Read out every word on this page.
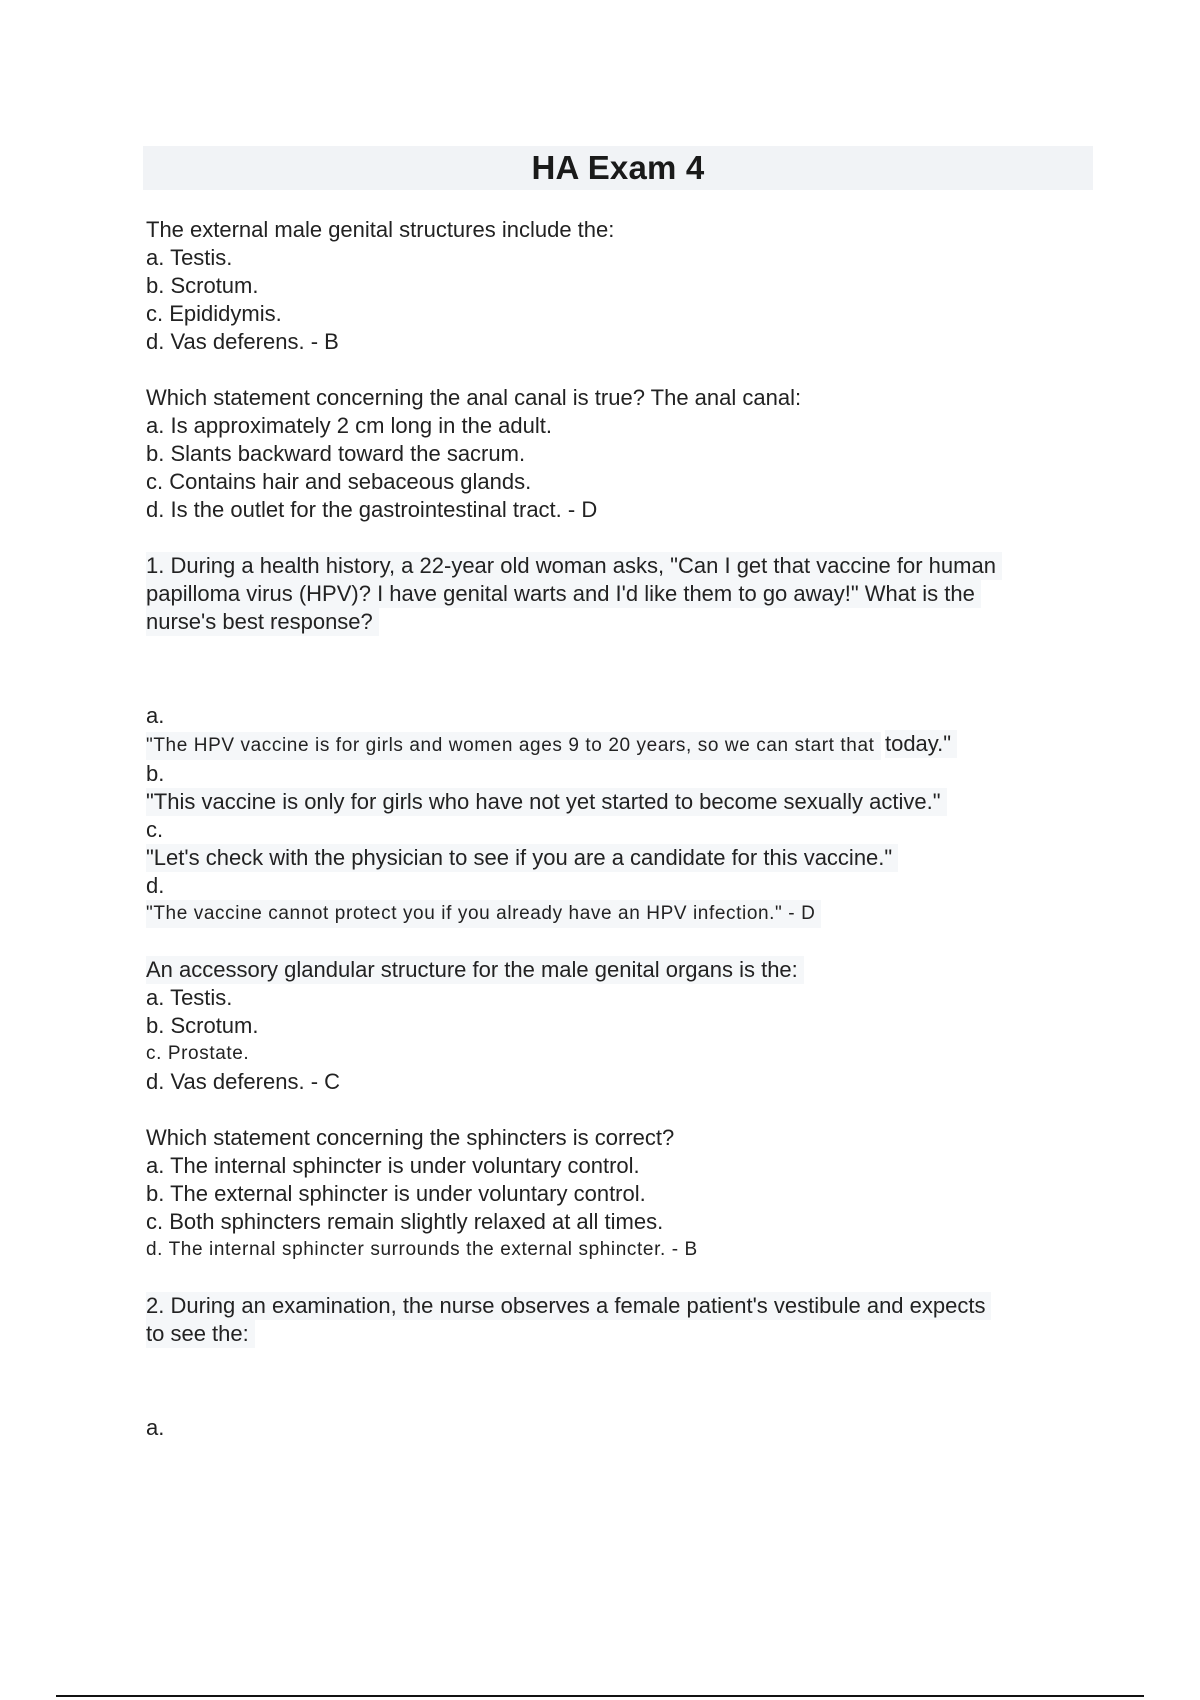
HA Exam 4
The external male genital structures include the:
a. Testis.
b. Scrotum.
c. Epididymis.
d. Vas deferens. - B
Which statement concerning the anal canal is true? The anal canal:
a. Is approximately 2 cm long in the adult.
b. Slants backward toward the sacrum.
c. Contains hair and sebaceous glands.
d. Is the outlet for the gastrointestinal tract. - D
1. During a health history, a 22-year old woman asks, "Can I get that vaccine for human papilloma virus (HPV)? I have genital warts and I'd like them to go away!" What is the nurse's best response?
a.
"The HPV vaccine is for girls and women ages 9 to 20 years, so we can start that today."
b.
"This vaccine is only for girls who have not yet started to become sexually active."
c.
"Let's check with the physician to see if you are a candidate for this vaccine."
d.
"The vaccine cannot protect you if you already have an HPV infection." - D
An accessory glandular structure for the male genital organs is the:
a. Testis.
b. Scrotum.
c. Prostate.
d. Vas deferens. - C
Which statement concerning the sphincters is correct?
a. The internal sphincter is under voluntary control.
b. The external sphincter is under voluntary control.
c. Both sphincters remain slightly relaxed at all times.
d. The internal sphincter surrounds the external sphincter. - B
2. During an examination, the nurse observes a female patient's vestibule and expects to see the:
a.
